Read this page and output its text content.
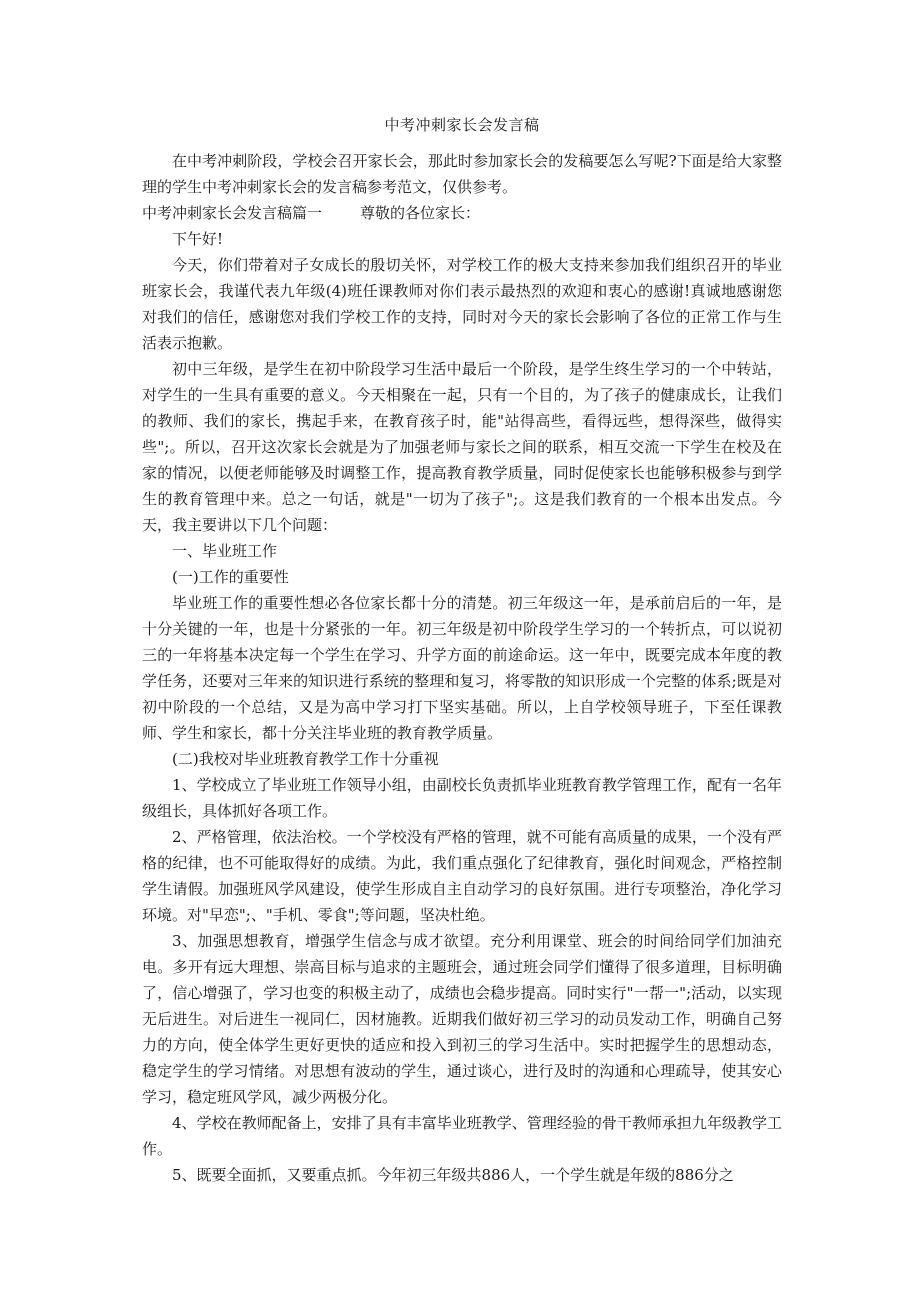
中考冲刺家长会发言稿

在中考冲刺阶段，学校会召开家长会，那此时参加家长会的发稿要怎么写呢?下面是给大家整理的学生中考冲刺家长会的发言稿参考范文，仅供参考。

中考冲刺家长会发言稿篇一	尊敬的各位家长：

下午好!

今天，你们带着对子女成长的殷切关怀，对学校工作的极大支持来参加我们组织召开的毕业班家长会，我谨代表九年级(4)班任课教师对你们表示最热烈的欢迎和衷心的感谢!真诚地感谢您对我们的信任，感谢您对我们学校工作的支持，同时对今天的家长会影响了各位的正常工作与生活表示抱歉。

初中三年级，是学生在初中阶段学习生活中最后一个阶段，是学生终生学习的一个中转站，对学生的一生具有重要的意义。今天相聚在一起，只有一个目的，为了孩子的健康成长，让我们的教师、我们的家长，携起手来，在教育孩子时，能"站得高些，看得远些，想得深些，做得实些";。所以，召开这次家长会就是为了加强老师与家长之间的联系，相互交流一下学生在校及在家的情况，以便老师能够及时调整工作，提高教育教学质量，同时促使家长也能够积极参与到学生的教育管理中来。总之一句话，就是"一切为了孩子";。这是我们教育的一个根本出发点。今天，我主要讲以下几个问题：

一、毕业班工作

(一)工作的重要性

毕业班工作的重要性想必各位家长都十分的清楚。初三年级这一年，是承前启后的一年，是十分关键的一年，也是十分紧张的一年。初三年级是初中阶段学生学习的一个转折点，可以说初三的一年将基本决定每一个学生在学习、升学方面的前途命运。这一年中，既要完成本年度的教学任务，还要对三年来的知识进行系统的整理和复习，将零散的知识形成一个完整的体系;既是对初中阶段的一个总结，又是为高中学习打下坚实基础。所以，上自学校领导班子，下至任课教师、学生和家长，都十分关注毕业班的教育教学质量。

(二)我校对毕业班教育教学工作十分重视

1、学校成立了毕业班工作领导小组，由副校长负责抓毕业班教育教学管理工作，配有一名年级组长，具体抓好各项工作。

2、严格管理，依法治校。一个学校没有严格的管理，就不可能有高质量的成果，一个没有严格的纪律，也不可能取得好的成绩。为此，我们重点强化了纪律教育，强化时间观念，严格控制学生请假。加强班风学风建设，使学生形成自主自动学习的良好氛围。进行专项整治，净化学习环境。对"早恋";、"手机、零食";等问题，坚决杜绝。

3、加强思想教育，增强学生信念与成才欲望。充分利用课堂、班会的时间给同学们加油充电。多开有远大理想、崇高目标与追求的主题班会，通过班会同学们懂得了很多道理，目标明确了，信心增强了，学习也变的积极主动了，成绩也会稳步提高。同时实行"一帮一";活动，以实现无后进生。对后进生一视同仁，因材施教。近期我们做好初三学习的动员发动工作，明确自己努力的方向，使全体学生更好更快的适应和投入到初三的学习生活中。实时把握学生的思想动态，稳定学生的学习情绪。对思想有波动的学生，通过谈心，进行及时的沟通和心理疏导，使其安心学习，稳定班风学风，减少两极分化。

4、学校在教师配备上，安排了具有丰富毕业班教学、管理经验的骨干教师承担九年级教学工作。

5、既要全面抓，又要重点抓。今年初三年级共886人，一个学生就是年级的886分之
